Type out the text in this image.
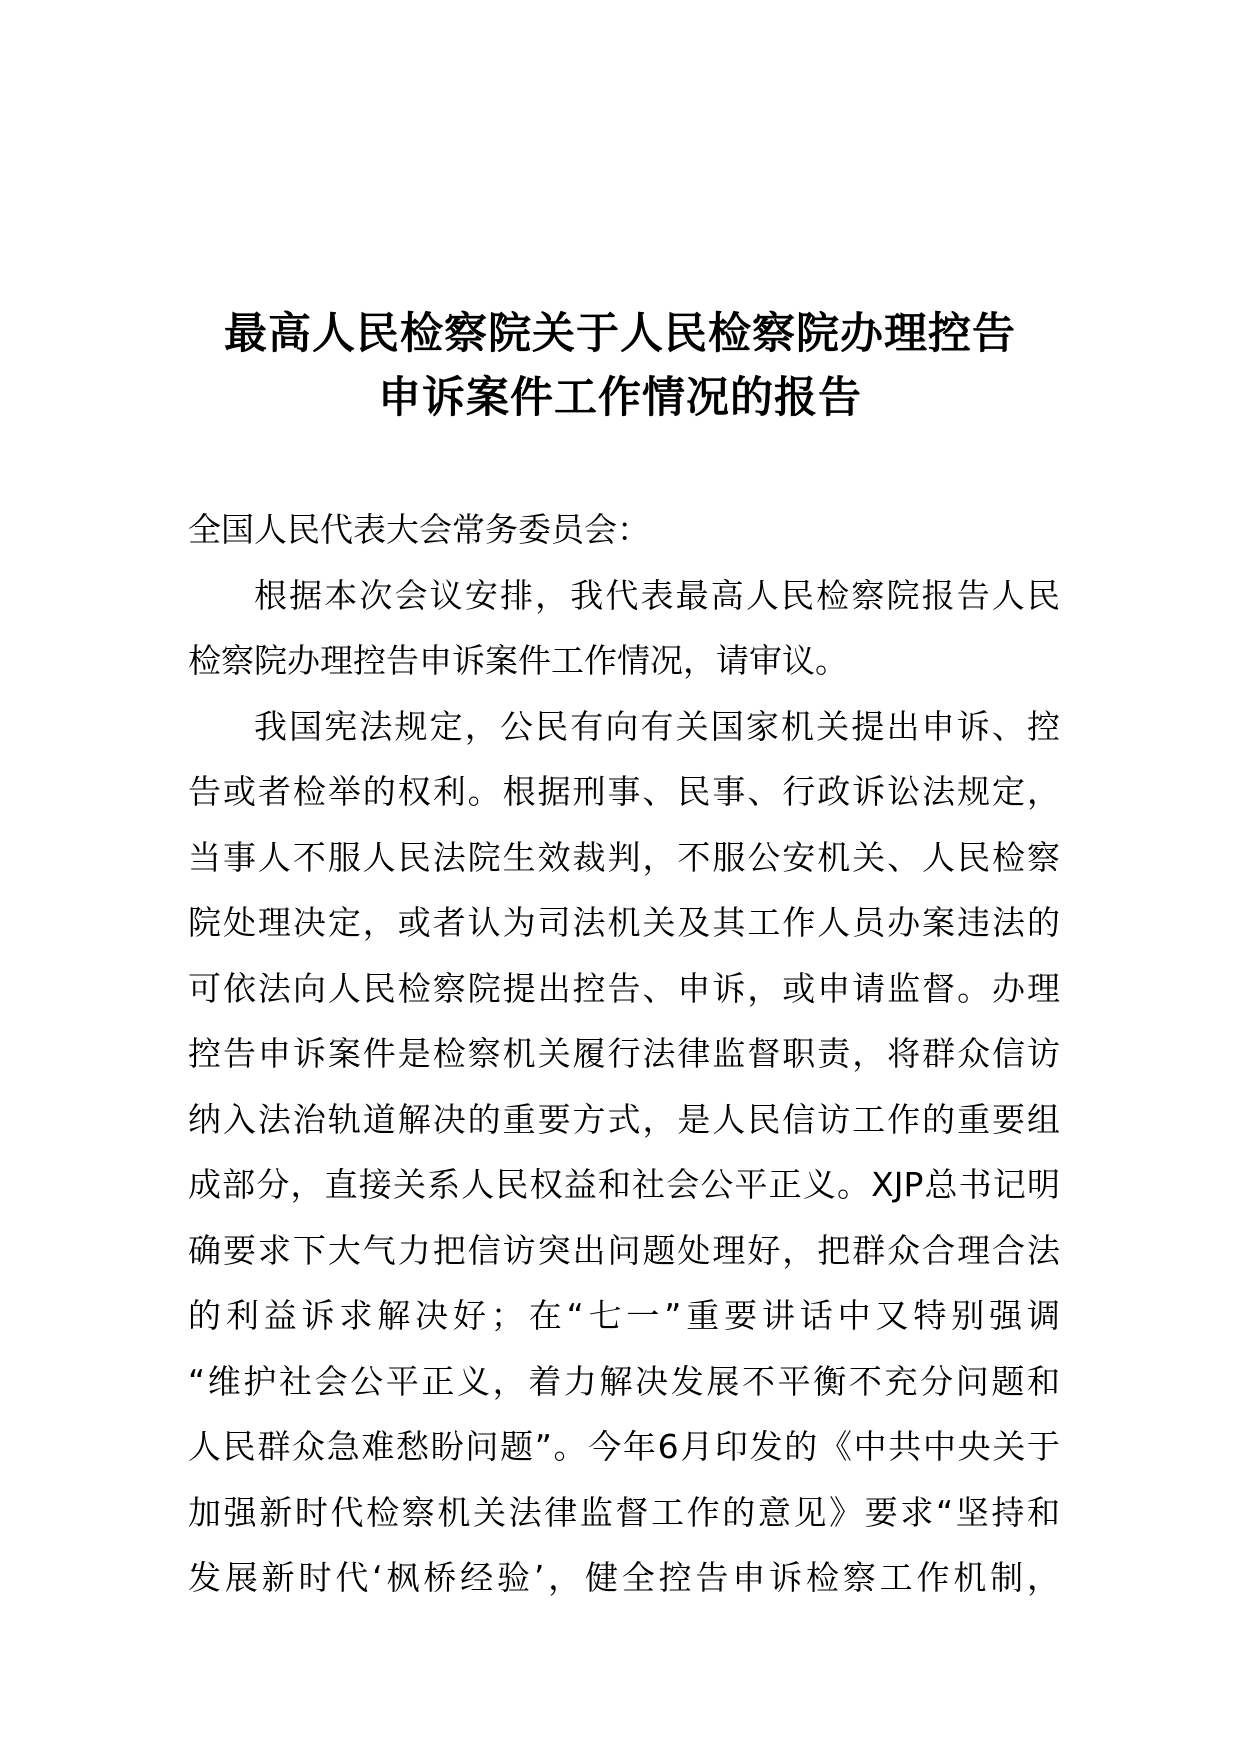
最高人民检察院关于人民检察院办理控告
申诉案件工作情况的报告

全国人民代表大会常务委员会：

根据本次会议安排，我代表最高人民检察院报告人民
检察院办理控告申诉案件工作情况，请审议。

我国宪法规定，公民有向有关国家机关提出申诉、控
告或者检举的权利。根据刑事、民事、行政诉讼法规定，
当事人不服人民法院生效裁判，不服公安机关、人民检察
院处理决定，或者认为司法机关及其工作人员办案违法的
可依法向人民检察院提出控告、申诉，或申请监督。办理
控告申诉案件是检察机关履行法律监督职责，将群众信访
纳入法治轨道解决的重要方式，是人民信访工作的重要组
成部分，直接关系人民权益和社会公平正义。XJP总书记明
确要求下大气力把信访突出问题处理好，把群众合理合法
的利益诉求解决好；在“七一”重要讲话中又特别强调
“维护社会公平正义，着力解决发展不平衡不充分问题和
人民群众急难愁盼问题”。今年6月印发的《中共中央关于
加强新时代检察机关法律监督工作的意见》要求“坚持和
发展新时代‘枫桥经验’，健全控告申诉检察工作机制，
